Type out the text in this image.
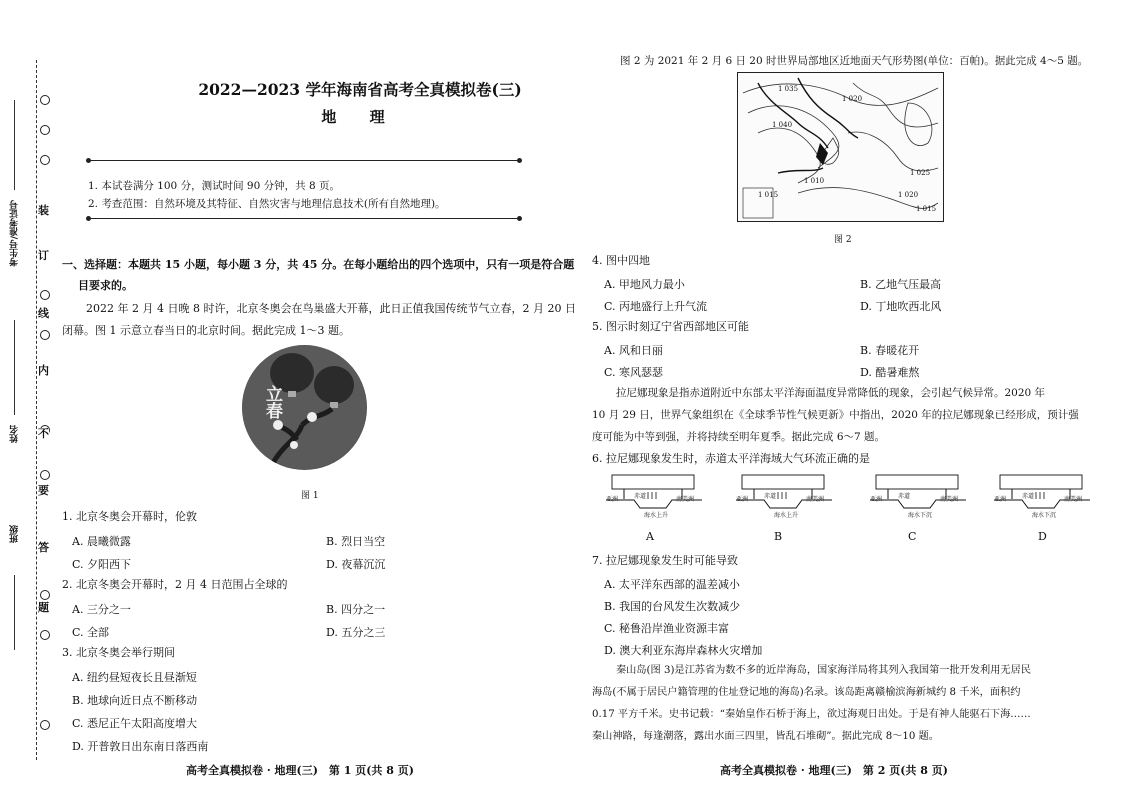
装
订
线
内
不
要
答
题
考生号/准考证号
姓名
班级
2022—2023 学年海南省高考全真模拟卷(三)
地 理
1. 本试卷满分 100 分，测试时间 90 分钟，共 8 页。
2. 考查范围：自然环境及其特征、自然灾害与地理信息技术(所有自然地理)。
一、选择题：本题共 15 小题，每小题 3 分，共 45 分。在每小题给出的四个选项中，只有一项是符合题
目要求的。
2022 年 2 月 4 日晚 8 时许，北京冬奥会在鸟巢盛大开幕，此日正值我国传统节气立春，2 月 20 日
闭幕。图 1 示意立春当日的北京时间。据此完成 1～3 题。
立春
图 1
1. 北京冬奥会开幕时，伦敦
A. 晨曦微露	B. 烈日当空
C. 夕阳西下	D. 夜幕沉沉
2. 北京冬奥会开幕时，2 月 4 日范围占全球的
A. 三分之一	B. 四分之一
C. 全部	D. 五分之三
3. 北京冬奥会举行期间
A. 纽约昼短夜长且昼渐短
B. 地球向近日点不断移动
C. 悉尼正午太阳高度增大
D. 开普敦日出东南日落西南
高考全真模拟卷 · 地理(三)　第 1 页(共 8 页)
图 2 为 2021 年 2 月 6 日 20 时世界局部地区近地面天气形势图(单位：百帕)。据此完成 4～5 题。
1 035
1 020
1 040
1 025
1 010
1 015	1 020
1 015
图 2
4. 图中四地
A. 甲地风力最小	B. 乙地气压最高
C. 丙地盛行上升气流	D. 丁地吹西北风
5. 图示时刻辽宁省西部地区可能
A. 风和日丽	B. 春暖花开
C. 寒风瑟瑟	D. 酷暑难熬
拉尼娜现象是指赤道附近中东部太平洋海面温度异常降低的现象，会引起气候异常。2020 年
10 月 29 日，世界气象组织在《全球季节性气候更新》中指出，2020 年的拉尼娜现象已经形成，预计强
度可能为中等到强，并将持续至明年夏季。据此完成 6～7 题。
6. 拉尼娜现象发生时，赤道太平洋海域大气环流正确的是
亚洲	赤道	南美洲
海水上升
亚洲	赤道	南美洲
海水上升
亚洲	赤道	南美洲
海水下沉
亚洲	赤道	南美洲
海水下沉
A	B	C	D
7. 拉尼娜现象发生时可能导致
A. 太平洋东西部的温差减小
B. 我国的台风发生次数减少
C. 秘鲁沿岸渔业资源丰富
D. 澳大利亚东海岸森林火灾增加
秦山岛(图 3)是江苏省为数不多的近岸海岛，国家海洋局将其列入我国第一批开发利用无居民
海岛(不属于居民户籍管理的住址登记地的海岛)名录。该岛距离赣榆滨海新城约 8 千米，面积约
0.17 平方千米。史书记载：“秦始皇作石桥于海上，欲过海观日出处。于是有神人能驱石下海……
秦山神路，每逢潮落，露出水面三四里，皆乱石堆砌”。据此完成 8～10 题。
高考全真模拟卷 · 地理(三)　第 2 页(共 8 页)
